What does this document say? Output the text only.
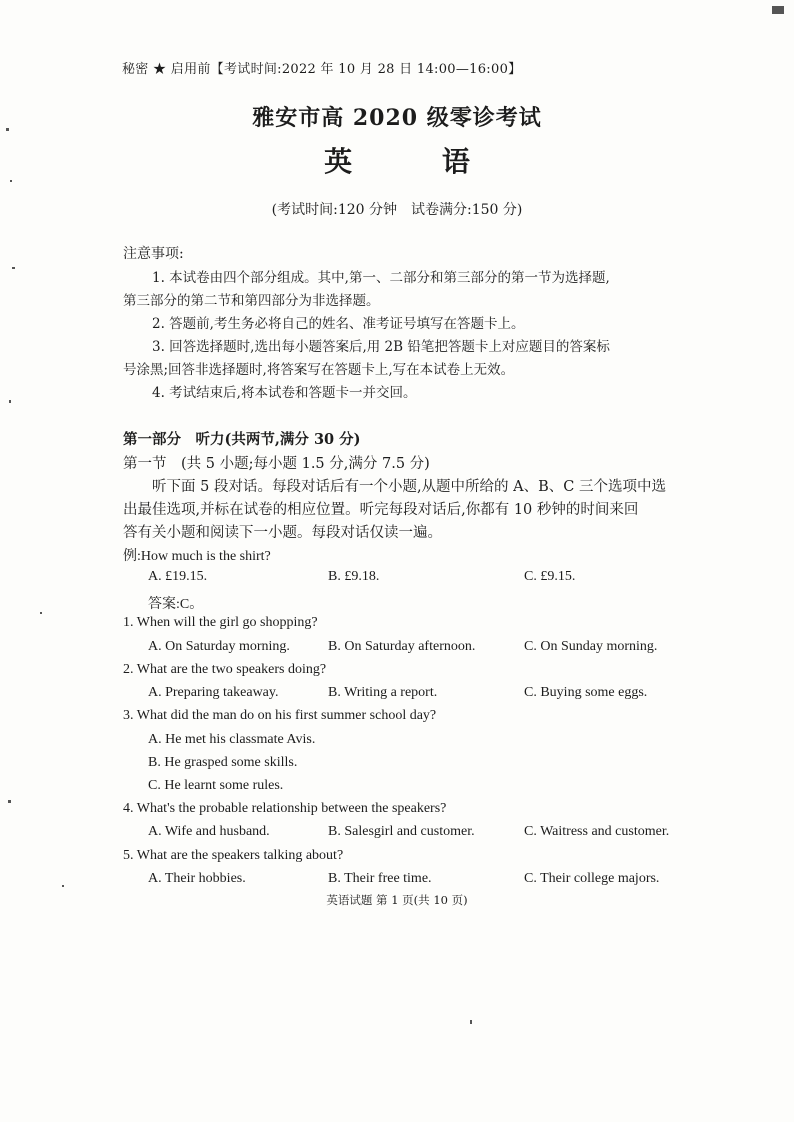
秘密 ★ 启用前【考试时间:2022 年 10 月 28 日 14:00—16:00】
雅安市高 2020 级零诊考试
英 语
(考试时间:120 分钟　试卷满分:150 分)
注意事项:
1. 本试卷由四个部分组成。其中,第一、二部分和第三部分的第一节为选择题,
第三部分的第二节和第四部分为非选择题。
2. 答题前,考生务必将自己的姓名、准考证号填写在答题卡上。
3. 回答选择题时,选出每小题答案后,用 2B 铅笔把答题卡上对应题目的答案标
号涂黑;回答非选择题时,将答案写在答题卡上,写在本试卷上无效。
4. 考试结束后,将本试卷和答题卡一并交回。
第一部分　听力(共两节,满分 30 分)
第一节　(共 5 小题;每小题 1.5 分,满分 7.5 分)
听下面 5 段对话。每段对话后有一个小题,从题中所给的 A、B、C 三个选项中选
出最佳选项,并标在试卷的相应位置。听完每段对话后,你都有 10 秒钟的时间来回
答有关小题和阅读下一小题。每段对话仅读一遍。
例:How much is the shirt?
A. £19.15.	B. £9.18.	C. £9.15.
答案:C。
1. When will the girl go shopping?
A. On Saturday morning.	B. On Saturday afternoon.	C. On Sunday morning.
2. What are the two speakers doing?
A. Preparing takeaway.	B. Writing a report.	C. Buying some eggs.
3. What did the man do on his first summer school day?
A. He met his classmate Avis.
B. He grasped some skills.
C. He learnt some rules.
4. What's the probable relationship between the speakers?
A. Wife and husband.	B. Salesgirl and customer.	C. Waitress and customer.
5. What are the speakers talking about?
A. Their hobbies.	B. Their free time.	C. Their college majors.
英语试题 第 1 页(共 10 页)
